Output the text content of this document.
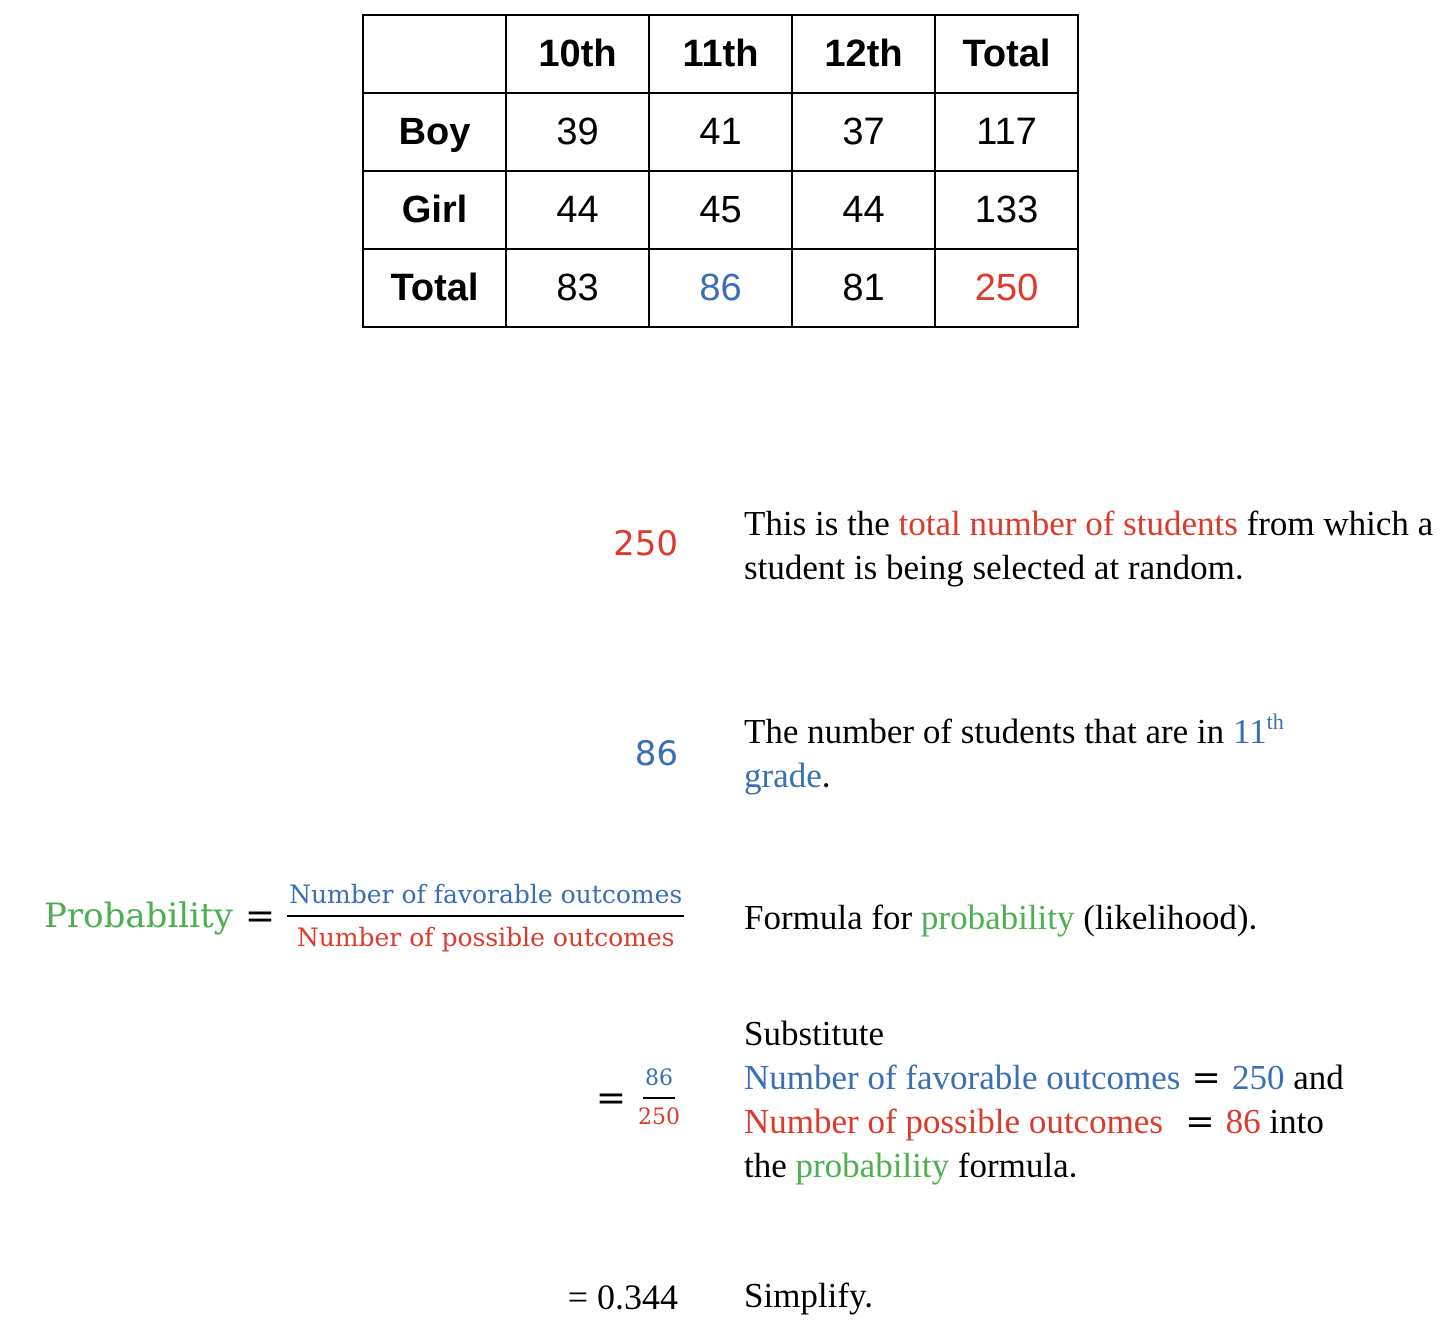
	10th	11th	12th	Total
Boy	39	41	37	117
Girl	44	45	44	133
Total	83	86	81	250
250
This is the total number of students from which a student is being selected at random.
86
The number of students that are in 11th
grade.
Probability = $\frac{\text{Number of favorable outcomes}}{\text{Number of possible outcomes}}$ Formula for probability (likelihood).
= $\frac{86}{250}$
Substitute
Number of favorable outcomes = 250 and
Number of possible outcomes  = 86 into
the probability formula.
= 0.344 Simplify.
